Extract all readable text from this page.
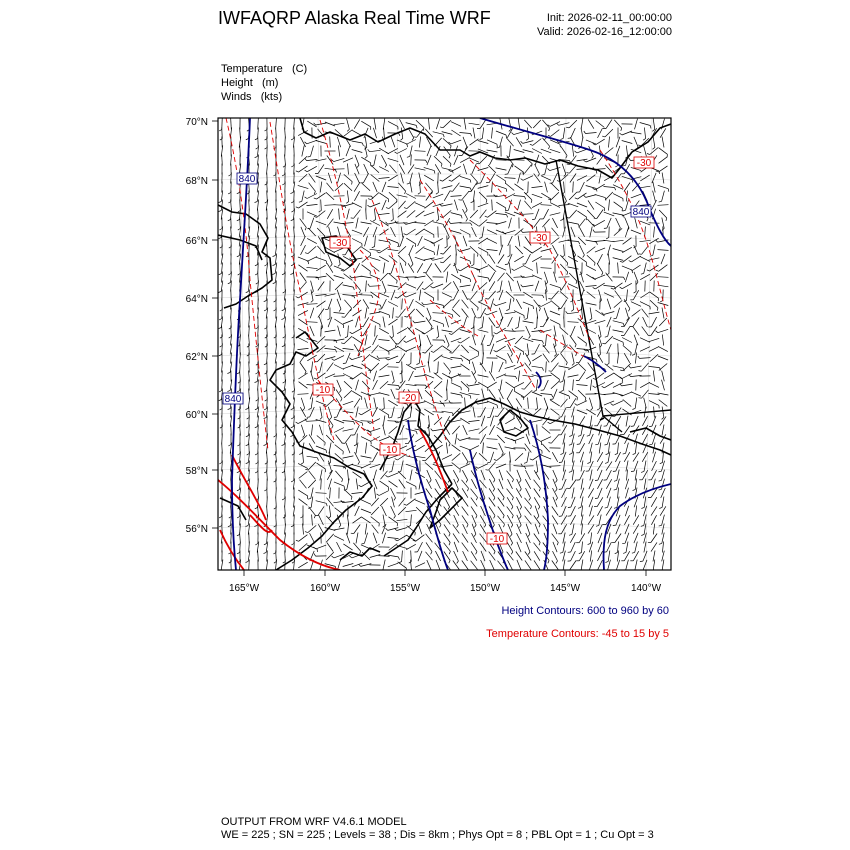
IWFAQRP Alaska Real Time WRF	Init: 2026-02-11_00:00:00
Valid: 2026-02-16_12:00:00
Temperature (C)
Height (m)
Winds (kts)
840
840
840
-30
-30
-30
-10
-20
-10
-10
70°N
68°N
66°N
64°N
62°N
60°N
58°N
56°N
165°W	160°W	155°W	150°W	145°W	140°W
Height Contours: 600 to 960 by 60
Temperature Contours: -45 to 15 by 5
OUTPUT FROM WRF V4.6.1 MODEL
WE = 225 ; SN = 225 ; Levels = 38 ; Dis = 8km ; Phys Opt = 8 ; PBL Opt = 1 ; Cu Opt = 3
